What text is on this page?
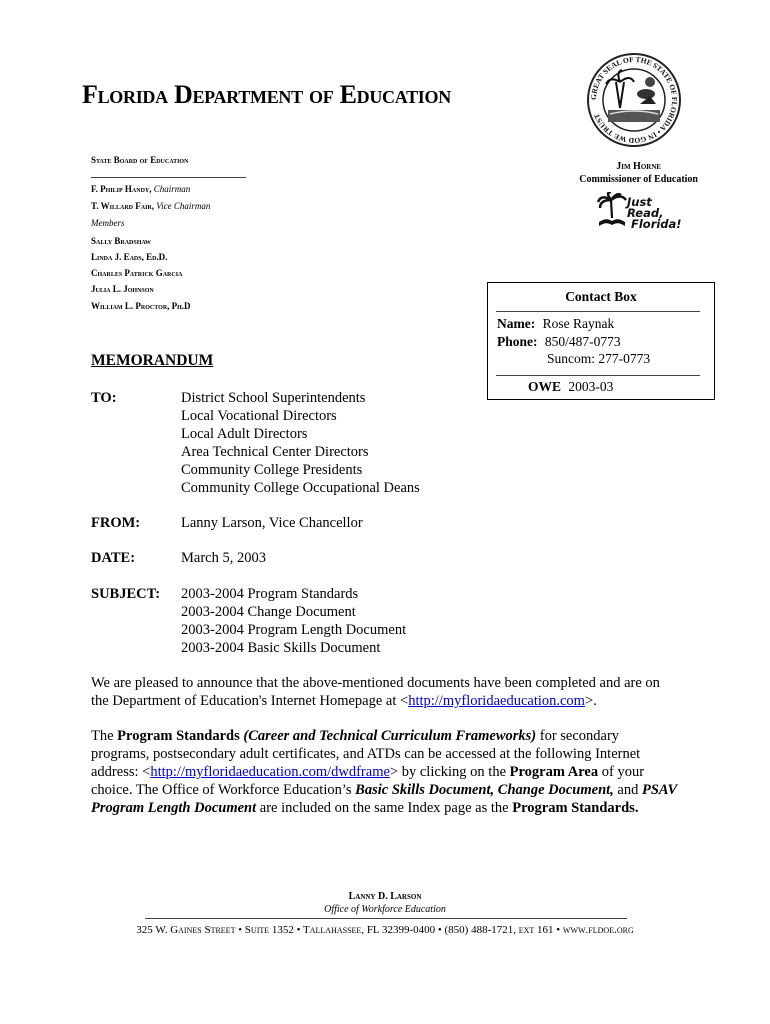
Florida Department of Education	GREAT SEAL OF THE STATE OF FLORIDA • IN GOD WE TRUST
State Board of Education
F. Philip Handy, Chairman
T. Willard Fair, Vice Chairman
Members
Sally Bradshaw
Linda J. Eads, Ed.D.
Charles Patrick Garcia
Julia L. Johnson
William L. Proctor, Ph.D
Jim Horne
Commissioner of Education
Just Read,
Florida!
Contact Box
Name: Rose Raynak
Phone: 850/487-0773
Suncom: 277-0773
OWE 2003-03
MEMORANDUM
TO:	District School Superintendents
Local Vocational Directors
Local Adult Directors
Area Technical Center Directors
Community College Presidents
Community College Occupational Deans
FROM:	Lanny Larson, Vice Chancellor
DATE:	March 5, 2003
SUBJECT: 2003-2004 Program Standards
2003-2004 Change Document
2003-2004 Program Length Document
2003-2004 Basic Skills Document
We are pleased to announce that the above-mentioned documents have been completed and are on the Department of Education's Internet Homepage at <http://myfloridaeducation.com>.
The Program Standards (Career and Technical Curriculum Frameworks) for secondary programs, postsecondary adult certificates, and ATDs can be accessed at the following Internet address: <http://myfloridaeducation.com/dwdframe> by clicking on the Program Area of your choice. The Office of Workforce Education’s Basic Skills Document, Change Document, and PSAV Program Length Document are included on the same Index page as the Program Standards.
Lanny D. Larson
Office of Workforce Education
325 W. Gaines Street • Suite 1352 • Tallahassee, FL 32399-0400 • (850) 488-1721, ext 161 • www.fldoe.org
